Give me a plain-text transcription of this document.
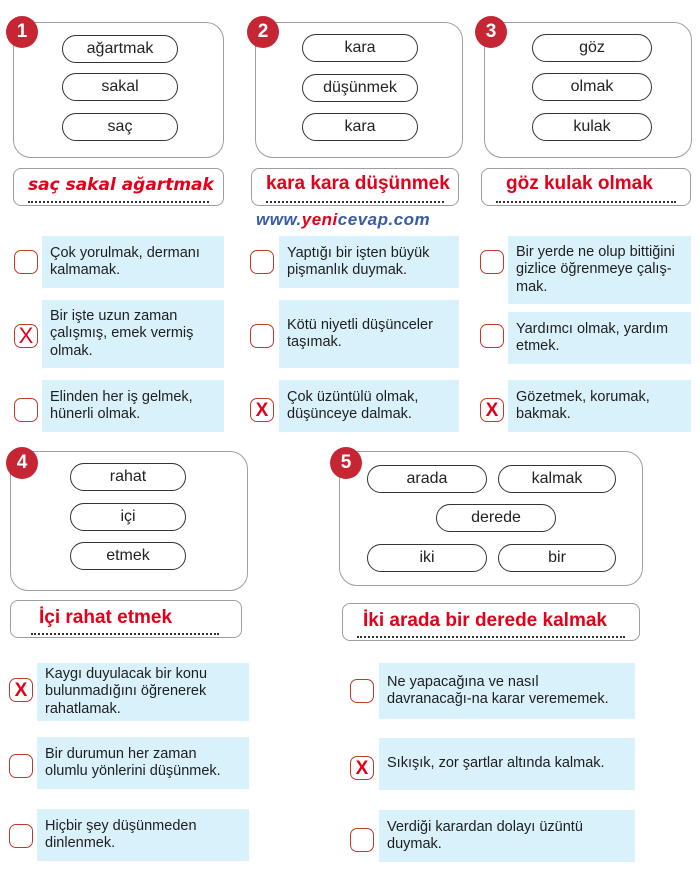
1
ağartmak
sakal
saç
saç sakal ağartmak
2
kara
düşünmek
kara
kara kara düşünmek
3
göz
olmak
kulak
göz kulak olmak
www.yenicevap.com
Çok yorulmak, dermanı kalmamak.
X
Bir işte uzun zaman çalışmış, emek vermiş olmak.
Elinden her iş gelmek, hünerli olmak.
Yaptığı bir işten büyük pişmanlık duymak.
Kötü niyetli düşünceler taşımak.
X
Çok üzüntülü olmak, düşünceye dalmak.
Bir yerde ne olup bittiğini gizlice öğrenmeye çalış-mak.
Yardımcı olmak, yardım etmek.
X
Gözetmek, korumak, bakmak.
4
rahat
içi
etmek
İçi rahat etmek
5
arada	kalmak
derede
iki	bir
İki arada bir derede kalmak
X
Kaygı duyulacak bir konu bulunmadığını öğrenerek rahatlamak.
Bir durumun her zaman olumlu yönlerini düşünmek.
Hiçbir şey düşünmeden dinlenmek.
Ne yapacağına ve nasıl davranacağı-na karar verememek.
X Sıkışık, zor şartlar altında kalmak.
Verdiği karardan dolayı üzüntü duymak.
